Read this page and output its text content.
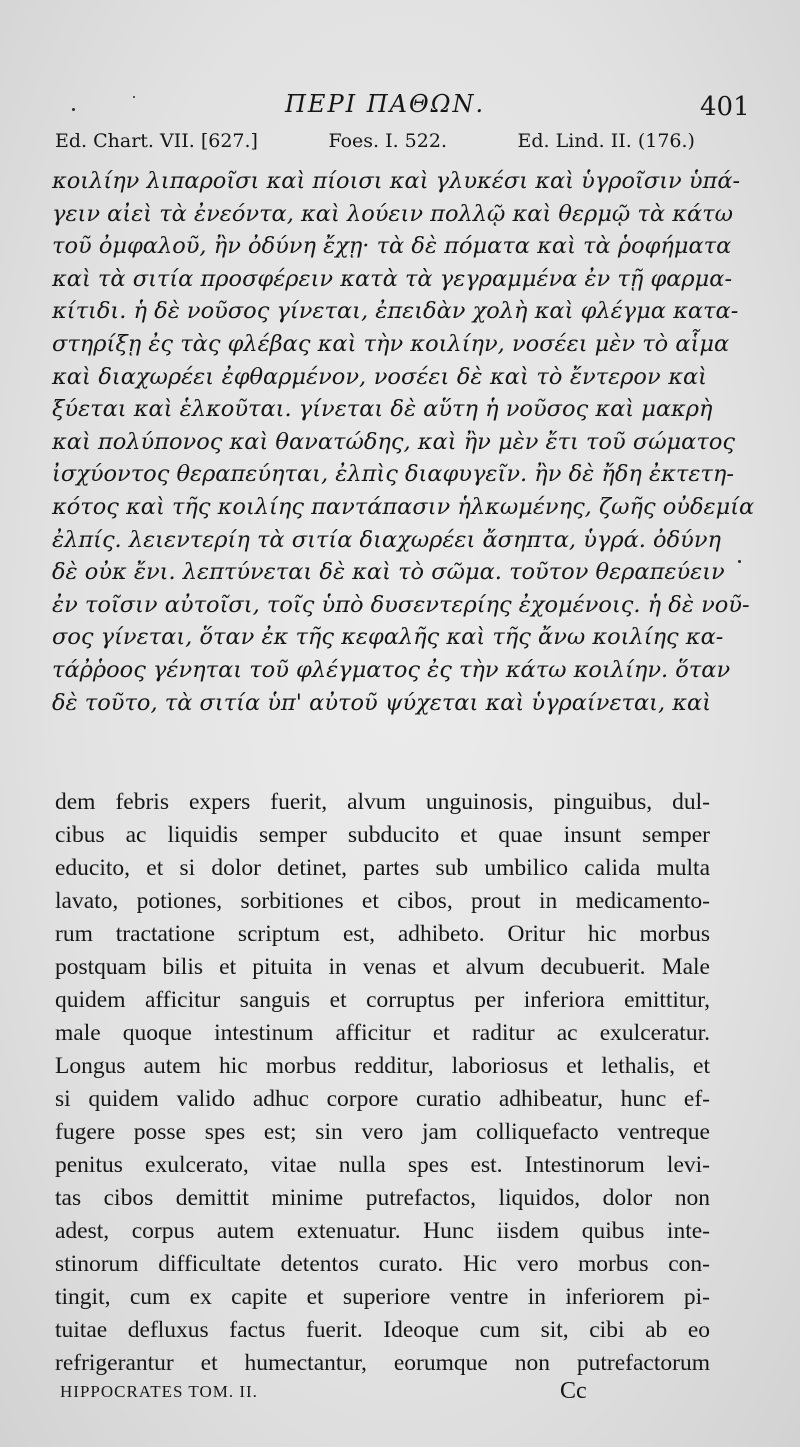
ΠΕΡΙ ΠΑΘΩΝ.	401
Ed. Chart. VII. [627.]	Foes. I. 522.	Ed. Lind. II. (176.)
κοιλίην λιπαροῖσι καὶ πίοισι καὶ γλυκέσι καὶ ὑγροῖσιν ὑπά-
γειν αἰεὶ τὰ ἐνεόντα, καὶ λούειν πολλῷ καὶ θερμῷ τὰ κάτω
τοῦ ὀμφαλοῦ, ἢν ὀδύνη ἔχῃ· τὰ δὲ πόματα καὶ τὰ ῥοφήματα
καὶ τὰ σιτία προσφέρειν κατὰ τὰ γεγραμμένα ἐν τῇ φαρμα-
κίτιδι. ἡ δὲ νοῦσος γίνεται, ἐπειδὰν χολὴ καὶ φλέγμα κατα-
στηρίξῃ ἐς τὰς φλέβας καὶ τὴν κοιλίην, νοσέει μὲν τὸ αἷμα
καὶ διαχωρέει ἐφθαρμένον, νοσέει δὲ καὶ τὸ ἔντερον καὶ
ξύεται καὶ ἑλκοῦται. γίνεται δὲ αὕτη ἡ νοῦσος καὶ μακρὴ
καὶ πολύπονος καὶ θανατώδης, καὶ ἢν μὲν ἔτι τοῦ σώματος
ἰσχύοντος θεραπεύηται, ἐλπὶς διαφυγεῖν. ἢν δὲ ἤδη ἐκτετη-
κότος καὶ τῆς κοιλίης παντάπασιν ἡλκωμένης, ζωῆς οὐδεμία
ἐλπίς. λειεντερίη τὰ σιτία διαχωρέει ἄσηπτα, ὑγρά. ὀδύνη
δὲ οὐκ ἔνι. λεπτύνεται δὲ καὶ τὸ σῶμα. τοῦτον θεραπεύειν
ἐν τοῖσιν αὐτοῖσι, τοῖς ὑπὸ δυσεντερίης ἐχομένοις. ἡ δὲ νοῦ-
σος γίνεται, ὅταν ἐκ τῆς κεφαλῆς καὶ τῆς ἄνω κοιλίης κα-
τάῤῥοος γένηται τοῦ φλέγματος ἐς τὴν κάτω κοιλίην. ὅταν
δὲ τοῦτο, τὰ σιτία ὑπ' αὐτοῦ ψύχεται καὶ ὑγραίνεται, καὶ
dem febris expers fuerit, alvum unguinosis, pinguibus, dul-
cibus ac liquidis semper subducito et quae insunt semper
educito, et si dolor detinet, partes sub umbilico calida multa
lavato, potiones, sorbitiones et cibos, prout in medicamento-
rum tractatione scriptum est, adhibeto. Oritur hic morbus
postquam bilis et pituita in venas et alvum decubuerit. Male
quidem afficitur sanguis et corruptus per inferiora emittitur,
male quoque intestinum afficitur et raditur ac exulceratur.
Longus autem hic morbus redditur, laboriosus et lethalis, et
si quidem valido adhuc corpore curatio adhibeatur, hunc ef-
fugere posse spes est; sin vero jam colliquefacto ventreque
penitus exulcerato, vitae nulla spes est. Intestinorum levi-
tas cibos demittit minime putrefactos, liquidos, dolor non
adest, corpus autem extenuatur. Hunc iisdem quibus inte-
stinorum difficultate detentos curato. Hic vero morbus con-
tingit, cum ex capite et superiore ventre in inferiorem pi-
tuitae defluxus factus fuerit. Ideoque cum sit, cibi ab eo
refrigerantur et humectantur, eorumque non putrefactorum
HIPPOCRATES TOM. II.	Cc
